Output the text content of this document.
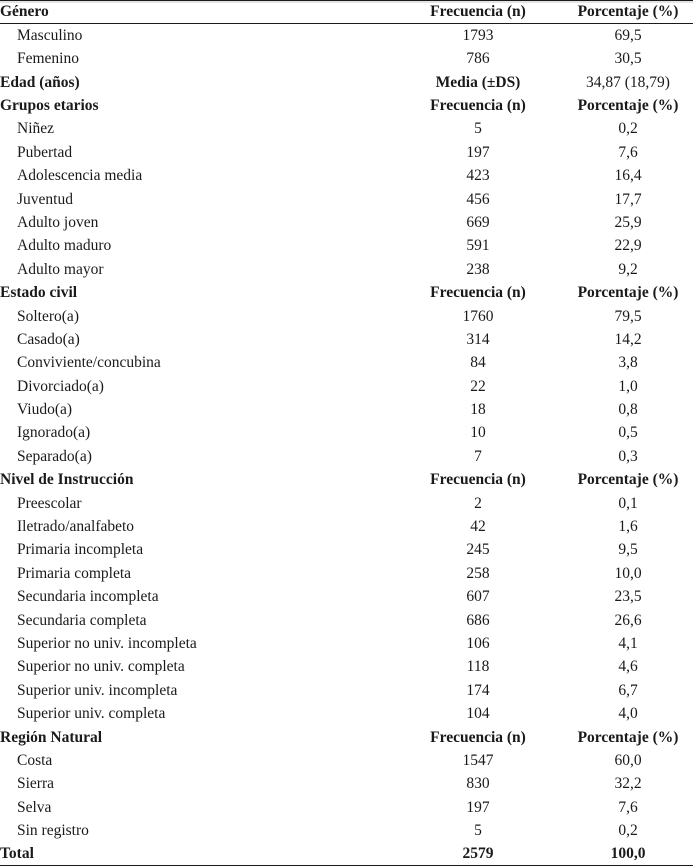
Género	Frecuencia (n)	Porcentaje (%)
Masculino	1793	69,5
Femenino	786	30,5
Edad (años)	Media (±DS)	34,87 (18,79)
Grupos etarios	Frecuencia (n)	Porcentaje (%)
Niñez	5	0,2
Pubertad	197	7,6
Adolescencia media	423	16,4
Juventud	456	17,7
Adulto joven	669	25,9
Adulto maduro	591	22,9
Adulto mayor	238	9,2
Estado civil	Frecuencia (n)	Porcentaje (%)
Soltero(a)	1760	79,5
Casado(a)	314	14,2
Conviviente/concubina	84	3,8
Divorciado(a)	22	1,0
Viudo(a)	18	0,8
Ignorado(a)	10	0,5
Separado(a)	7	0,3
Nivel de Instrucción	Frecuencia (n)	Porcentaje (%)
Preescolar	2	0,1
Iletrado/analfabeto	42	1,6
Primaria incompleta	245	9,5
Primaria completa	258	10,0
Secundaria incompleta	607	23,5
Secundaria completa	686	26,6
Superior no univ. incompleta	106	4,1
Superior no univ. completa	118	4,6
Superior univ. incompleta	174	6,7
Superior univ. completa	104	4,0
Región Natural	Frecuencia (n)	Porcentaje (%)
Costa	1547	60,0
Sierra	830	32,2
Selva	197	7,6
Sin registro	5	0,2
Total	2579	100,0
